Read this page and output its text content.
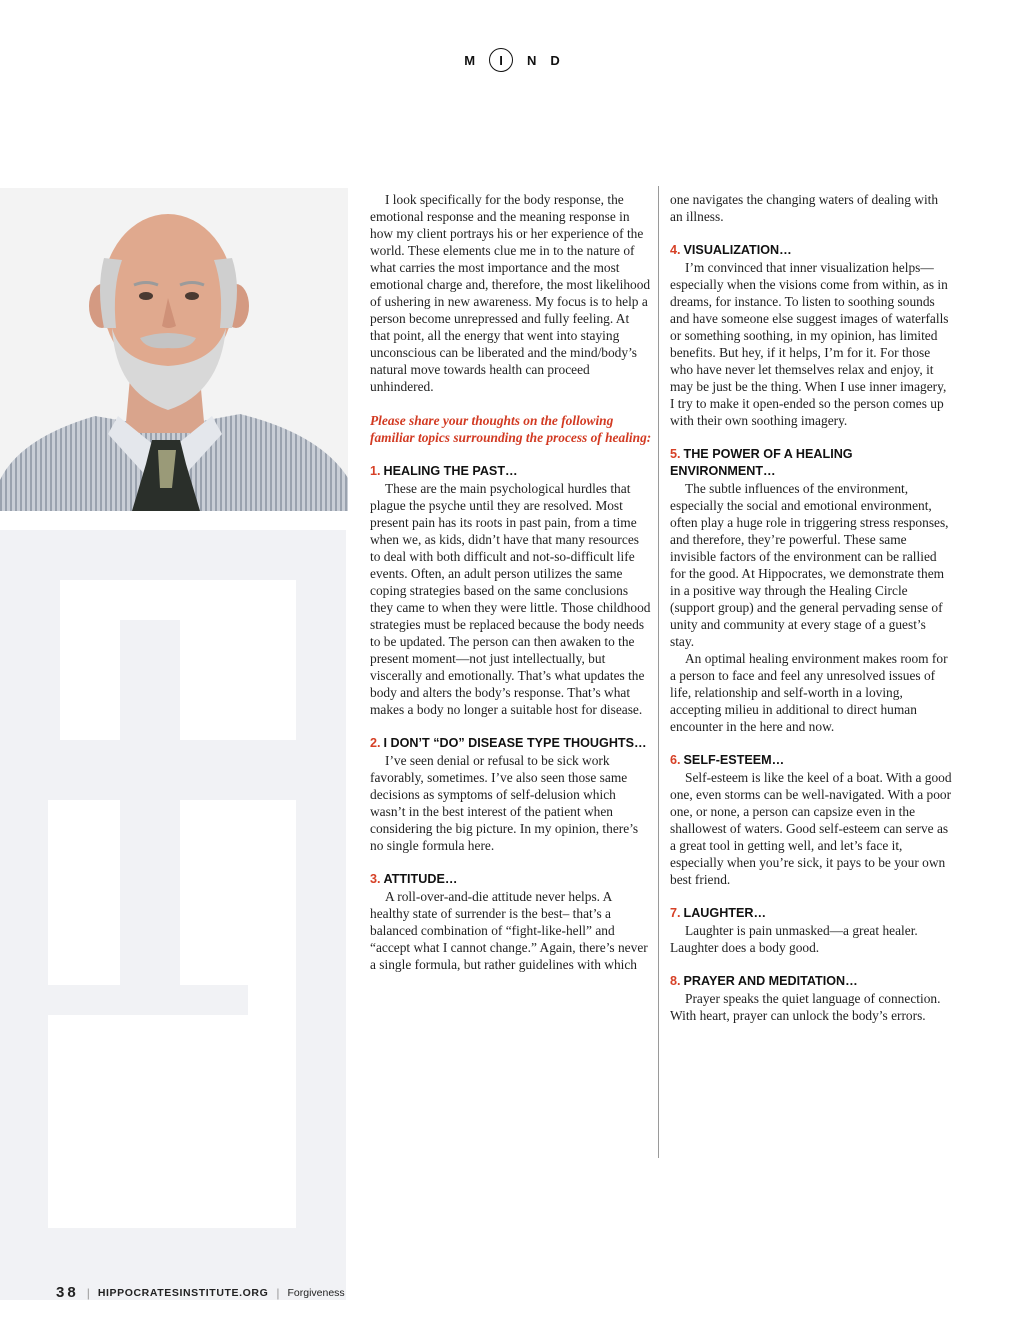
M I N D

I look specifically for the body response, the emotional response and the meaning response in how my client portrays his or her experience of the world. These elements clue me in to the nature of what carries the most importance and the most emotional charge and, therefore, the most likelihood of ushering in new awareness. My focus is to help a person become unrepressed and fully feeling. At that point, all the energy that went into staying unconscious can be liberated and the mind/body’s natural move towards health can proceed unhindered.

Please share your thoughts on the following familiar topics surrounding the process of healing:

1. HEALING THE PAST…

These are the main psychological hurdles that plague the psyche until they are resolved. Most present pain has its roots in past pain, from a time when we, as kids, didn’t have that many resources to deal with both difficult and not-so-difficult life events. Often, an adult person utilizes the same coping strategies based on the same conclusions they came to when they were little. Those childhood strategies must be replaced because the body needs to be updated. The person can then awaken to the present moment—not just intellectually, but viscerally and emotionally. That’s what updates the body and alters the body’s response. That’s what makes a body no longer a suitable host for disease.

2. I DON’T “DO” DISEASE TYPE THOUGHTS…

I’ve seen denial or refusal to be sick work favorably, sometimes. I’ve also seen those same decisions as symptoms of self-delusion which wasn’t in the best interest of the patient when considering the big picture. In my opinion, there’s no single formula here.

3. ATTITUDE…

A roll-over-and-die attitude never helps. A healthy state of surrender is the best– that’s a balanced combination of “fight-like-hell” and “accept what I cannot change.” Again, there’s never a single formula, but rather guidelines with which

one navigates the changing waters of dealing with an illness.

4. VISUALIZATION…

I’m convinced that inner visualization helps—especially when the visions come from within, as in dreams, for instance. To listen to soothing sounds and have someone else suggest images of waterfalls or something soothing, in my opinion, has limited benefits. But hey, if it helps, I’m for it. For those who have never let themselves relax and enjoy, it may be just be the thing. When I use inner imagery, I try to make it open-ended so the person comes up with their own soothing imagery.

5. THE POWER OF A HEALING ENVIRONMENT…

The subtle influences of the environment, especially the social and emotional environment, often play a huge role in triggering stress responses, and therefore, they’re powerful. These same invisible factors of the environment can be rallied for the good. At Hippocrates, we demonstrate them in a positive way through the Healing Circle (support group) and the general pervading sense of unity and community at every stage of a guest’s stay.

An optimal healing environment makes room for a person to face and feel any unresolved issues of life, relationship and self-worth in a loving, accepting milieu in additional to direct human encounter in the here and now.

6. SELF-ESTEEM…

Self-esteem is like the keel of a boat. With a good one, even storms can be well-navigated. With a poor one, or none, a person can capsize even in the shallowest of waters. Good self-esteem can serve as a great tool in getting well, and let’s face it, especially when you’re sick, it pays to be your own best friend.

7. LAUGHTER…

Laughter is pain unmasked—a great healer. Laughter does a body good.

8. PRAYER AND MEDITATION…

Prayer speaks the quiet language of connection. With heart, prayer can unlock the body’s errors.

38 | HIPPOCRATESINSTITUTE.ORG | Forgiveness
